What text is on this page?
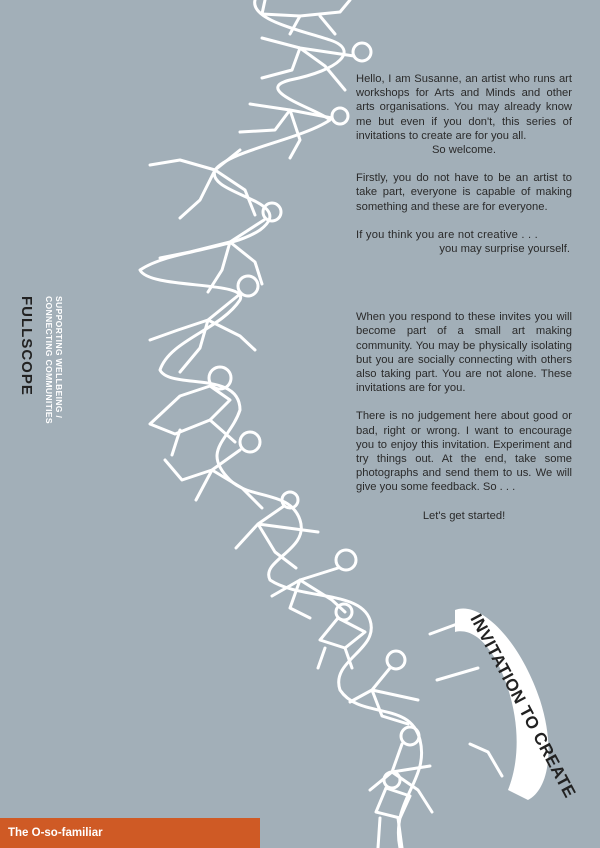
INVITATION TO CREATE
FULLSCOPE SUPPORTING WELLBEING /
CONNECTING COMMUNITIES

Hello, I am Susanne, an artist who runs art workshops for Arts and Minds and other arts organisations. You may already know me but even if you don't, this series of invitations to create are for you all.
So welcome.

Firstly, you do not have to be an artist to take part, everyone is capable of making something and these are for everyone.

If you think you are not creative . . .
you may surprise yourself.

When you respond to these invites you will become part of a small art making community. You may be physically isolating but you are socially connecting with others also taking part. You are not alone. These invitations are for you.

There is no judgement here about good or bad, right or wrong. I want to encourage you to enjoy this invitation. Experiment and try things out. At the end, take some photographs and send them to us. We will give you some feedback. So . . .

Let's get started!

The O-so-familiar
